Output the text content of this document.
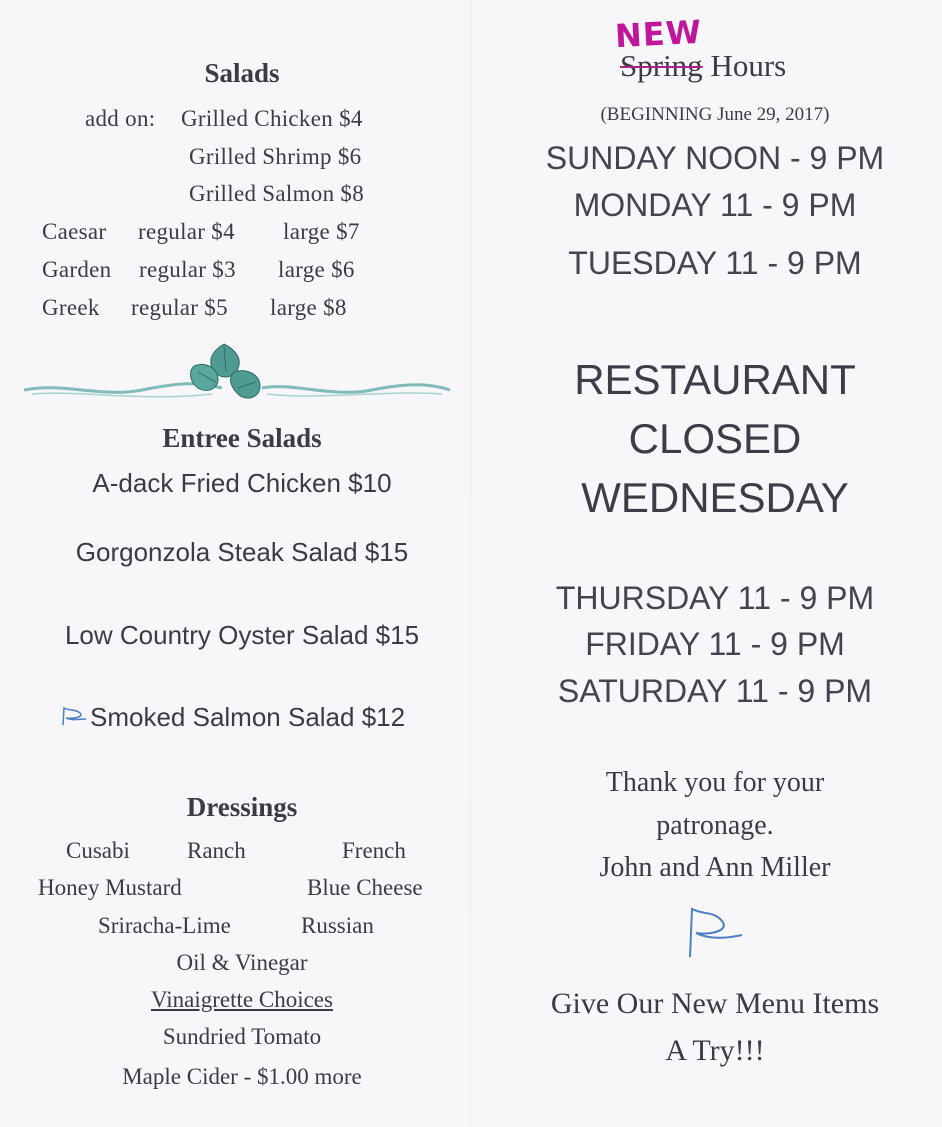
Salads
add on: Grilled Chicken $4
Grilled Shrimp $6
Grilled Salmon $8
Caesar regular $4 large $7
Garden regular $3 large $6
Greek regular $5 large $8
Entree Salads
A-dack Fried Chicken $10
Gorgonzola Steak Salad $15
Low Country Oyster Salad $15
Smoked Salmon Salad $12
Dressings
Cusabi Ranch	French
Honey Mustard	Blue Cheese
Sriracha-Lime	Russian
Oil & Vinegar
Vinaigrette Choices
Sundried Tomato
Maple Cider - $1.00 more
NEW
Spring Hours
(BEGINNING June 29, 2017)
SUNDAY NOON - 9 PM
MONDAY 11 - 9 PM
TUESDAY 11 - 9 PM
RESTAURANT
CLOSED
WEDNESDAY
THURSDAY 11 - 9 PM
FRIDAY 11 - 9 PM
SATURDAY 11 - 9 PM
Thank you for your
patronage.
John and Ann Miller
Give Our New Menu Items
A Try!!!
